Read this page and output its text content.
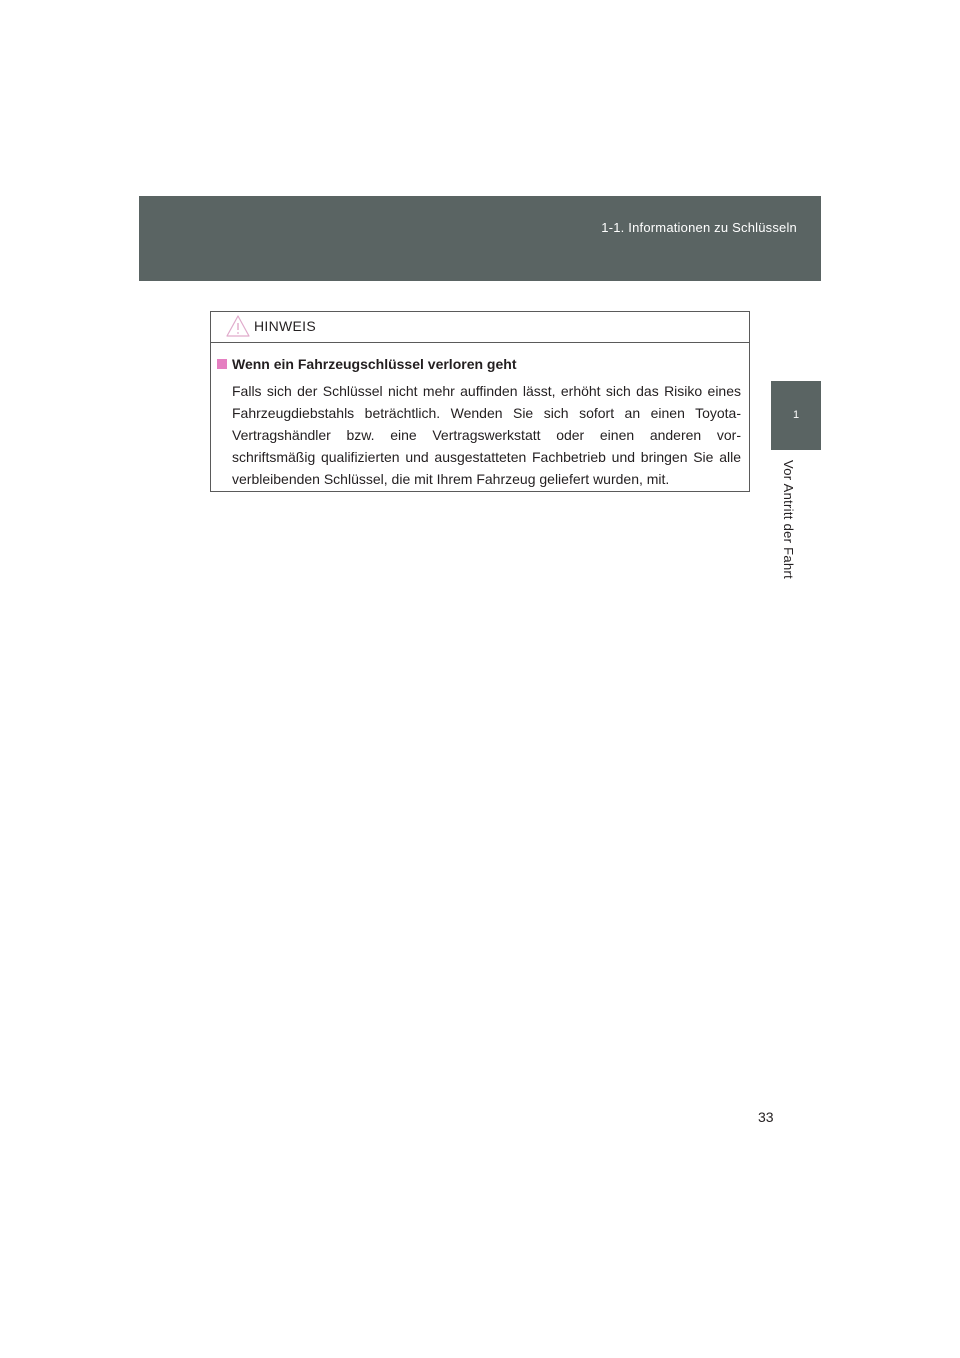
1-1. Informationen zu Schlüsseln
1
Vor Antritt der Fahrt
HINWEIS
Wenn ein Fahrzeugschlüssel verloren geht

Falls sich der Schlüssel nicht mehr auffinden lässt, erhöht sich das Risiko eines Fahrzeugdiebstahls beträchtlich. Wenden Sie sich sofort an einen Toyota-Vertragshändler bzw. eine Vertragswerkstatt oder einen anderen vor-schriftsmäßig qualifizierten und ausgestatteten Fachbetrieb und bringen Sie alle verbleibenden Schlüssel, die mit Ihrem Fahrzeug geliefert wurden, mit.

33
